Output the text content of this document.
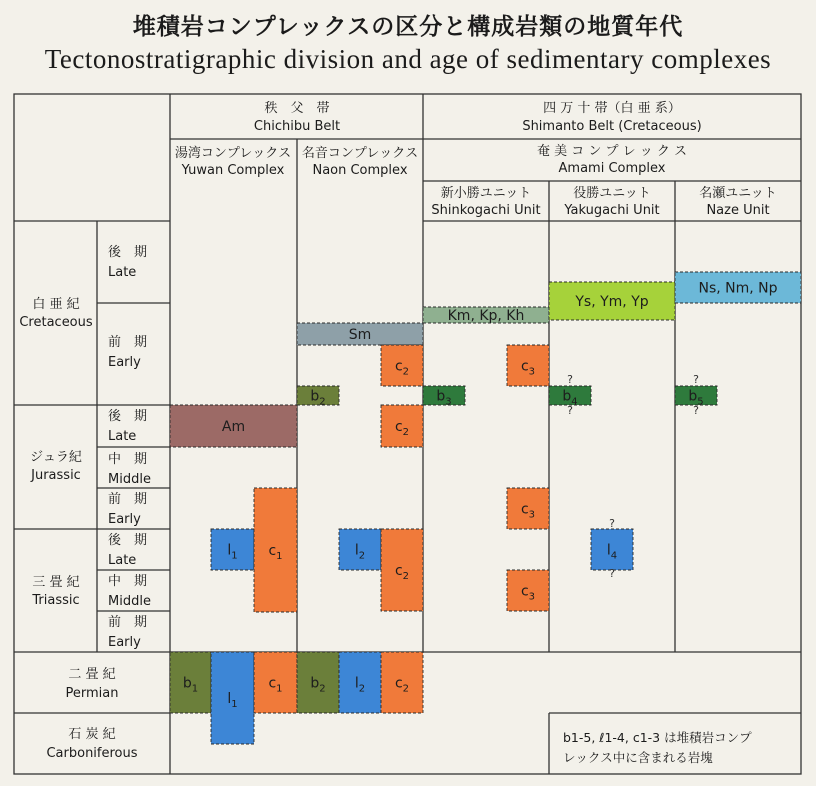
堆積岩コンプレックスの区分と構成岩類の地質年代
Tectonostratigraphic division and age of sedimentary complexes
秩　父　帯
Chichibu Belt
四 万 十 帯（白 亜 系）
Shimanto Belt (Cretaceous)
湯湾コンプレックス
Yuwan Complex
名音コンプレックス
Naon Complex
奄 美 コ ン プ レ ッ ク ス
Amami Complex
新小勝ユニット
Shinkogachi Unit
役勝ユニット
Yakugachi Unit
名瀬ユニット
Naze Unit
白 亜 紀
Cretaceous
ジュラ紀
Jurassic
三 畳 紀
Triassic
二 畳 紀
Permian
石 炭 紀
Carboniferous
後　期
Late
前　期
Early
後　期
Late
中　期
Middle
前　期
Early
後　期
Late
中　期
Middle
前　期
Early
Am
$l_1$ $c_1$
$b_1$
$l_1$
$c_1$
Sm
$c_2$
$b_2$
$c_2$
$l_2$
$c_2$
$b_2$ $l_2$ $c_2$
Km, Kp, Kh
$c_3$
$b_3$
$c_3$
$c_3$
Ys, Ym, Yp
$b_4$
$l_4$
Ns, Nm, Np
$b_5$
?
?
?
?
?
?
b1-5, ℓ1-4, c1-3 は堆積岩コンプ
レックス中に含まれる岩塊
